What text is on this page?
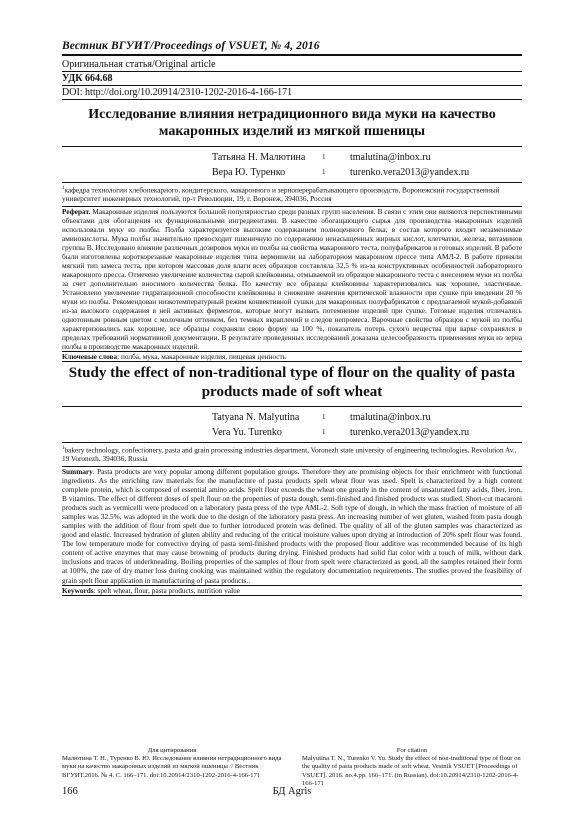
Вестник ВГУИТ/Proceedings of VSUET, № 4, 2016
Оригинальная статья/Original article
УДК 664.68
DOI: http://doi.org/10.20914/2310-1202-2016-4-166-171
Исследование влияния нетрадиционного вида муки на качество макаронных изделий из мягкой пшеницы
Татьяна Н. Малютина	1	tmalutina@inbox.ru
Вера Ю. Туренко	1	turenko.vera2013@yandex.ru
$^1$кафедра технологии хлебопекарного, кондитерского, макаронного и зерноперерабатывающего производств, Воронежский государственный университет инженерных технологий, пр-т Революции, 19, г. Воронеж, 394036, Россия
Реферат. Макаронные изделия пользуются большой популярностью среди разных групп населения. В связи с этим они являются перспективными объектами для обогащения их функциональными ингредиентами. В качестве обогащающего сырья для производства макаронных изделий использовали муку из полбы. Полба характеризуется высоким содержанием полноценного белка, в состав которого входят незаменимые аминокислоты. Мука полбы значительно превосходит пшеничную по содержанию ненасыщенных жирных кислот, клетчатки, железа, витаминов группы В. Исследовано влияние различных дозировок муки из полбы на свойства макаронного теста, полуфабрикатов и готовых изделий. В работе были изготовлены короткорезаные макаронные изделия типа вермишели на лабораторном макаронном прессе типа АМЛ-2. В работе приняли мягкий тип замеса теста, при котором массовая доля влаги всех образцов составляла 32,5 % из-за конструктивных особенностей лабораторного макаронного пресса. Отмечено увеличение количества сырой клейковины, отмываемой из образцов макаронного теста с внесением муки из полбы за счет дополнительно вносимого количества белка. По качеству все образцы клейковины характеризовались как хорошие, эластичные. Установлено увеличение гидратационной способности клейковины и снижение значения критической влажности при сушке при введении 20 % муки из полбы. Рекомендован низкотемпературный режим конвективной сушки для макаронных полуфабрикатов с предлагаемой мукой-добавкой из-за высокого содержания в ней активных ферментов, которые могут вызвать потемнение изделий при сушке. Готовые изделия отличались однотонным ровным цветом с молочным оттенком, без темных вкраплений и следов непромеса. Варочные свойства образцов с мукой из полбы характеризовались как хорошие, все образцы сохраняли свою форму на 100 %, показатель потерь сухого вещества при варке сохранялся в пределах требований нормативной документации. В результате проведенных исследований доказана целесообразность применения муки из зерна полбы в производстве макаронных изделий.
Ключевые слова: полба, мука, макаронные изделия, пищевая ценность
Study the effect of non-traditional type of flour on the quality of pasta products made of soft wheat
Tatyana N. Malyutina	1	tmalutina@inbox.ru
Vera Yu. Turenko	1	turenko.vera2013@yandex.ru
$^1$bakery technology, confectionery, pasta and grain processing industries department, Voronezh state university of engineering technologies, Revolution Av., 19 Voronezh, 394036, Russia
Summary. Pasta products are very popular among different population groups. Therefore they are promising objects for their enrichment with functional ingredients. As the enriching raw materials for the manufacture of pasta products spelt wheat flour was used. Spelt is characterized by a high content complete protein, which is composed of essential amino acids. Spelt flour exceeds the wheat one greatly in the content of unsaturated fatty acids, fiber, iron, B vitamins. The effect of different doses of spelt flour on the properties of pasta dough, semi-finished and finished products was studied. Short-cut macaroni products such as vermicelli were produced on a laboratory pasta press of the type AML-2. Soft type of dough, in which the mass fraction of moisture of all samples was 32.5%, was adopted in the work due to the design of the laboratory pasta press. An increasing number of wet gluten, washed from pasta dough samples with the addition of flour from spelt due to further introduced protein was defined. The quality of all of the gluten samples was characterized as good and elastic. Increased hydration of gluten ability and reducing of the critical moisture values upon drying at introduction of 20% spelt flour was found. The low temperature mode for convective drying of pasta semi-finished products with the proposed flour additive was recommended because of its high content of active enzymes that may cause browning of products during drying. Finished products had solid flat color with a touch of milk, without dark inclusions and traces of underkneading. Boiling properties of the samples of flour from spelt were characterized as good, all the samples retained their form at 100%, the rate of dry matter loss during cooking was maintained within the regulatory documentation requirements. The studies proved the feasibility of grain spelt flour application in manufacturing of pasta products..
Keywords: spelt wheat, flour, pasta products, nutrition value
Для цитирования
Малютина Т. Н., Туренко В. Ю. Исследование влияния нетрадиционного вида муки на качество макаронных изделий из мягкой пшеницы // Вестник ВГУИТ.2016. № 4. С. 166–171. doi:10.20914/2310-1202-2016-4-166-171
For citation
Malyutina T. N., Turenko V. Yu. Study the effect of non-traditional type of flour on the quality of pasta products made of soft wheat. Vestnik VSUET [Proceedings of VSUET]. 2016. no.4.pp. 166–171. (in Russian). doi:10.20914/2310-1202-2016-4-166-171
166	БД Agris
